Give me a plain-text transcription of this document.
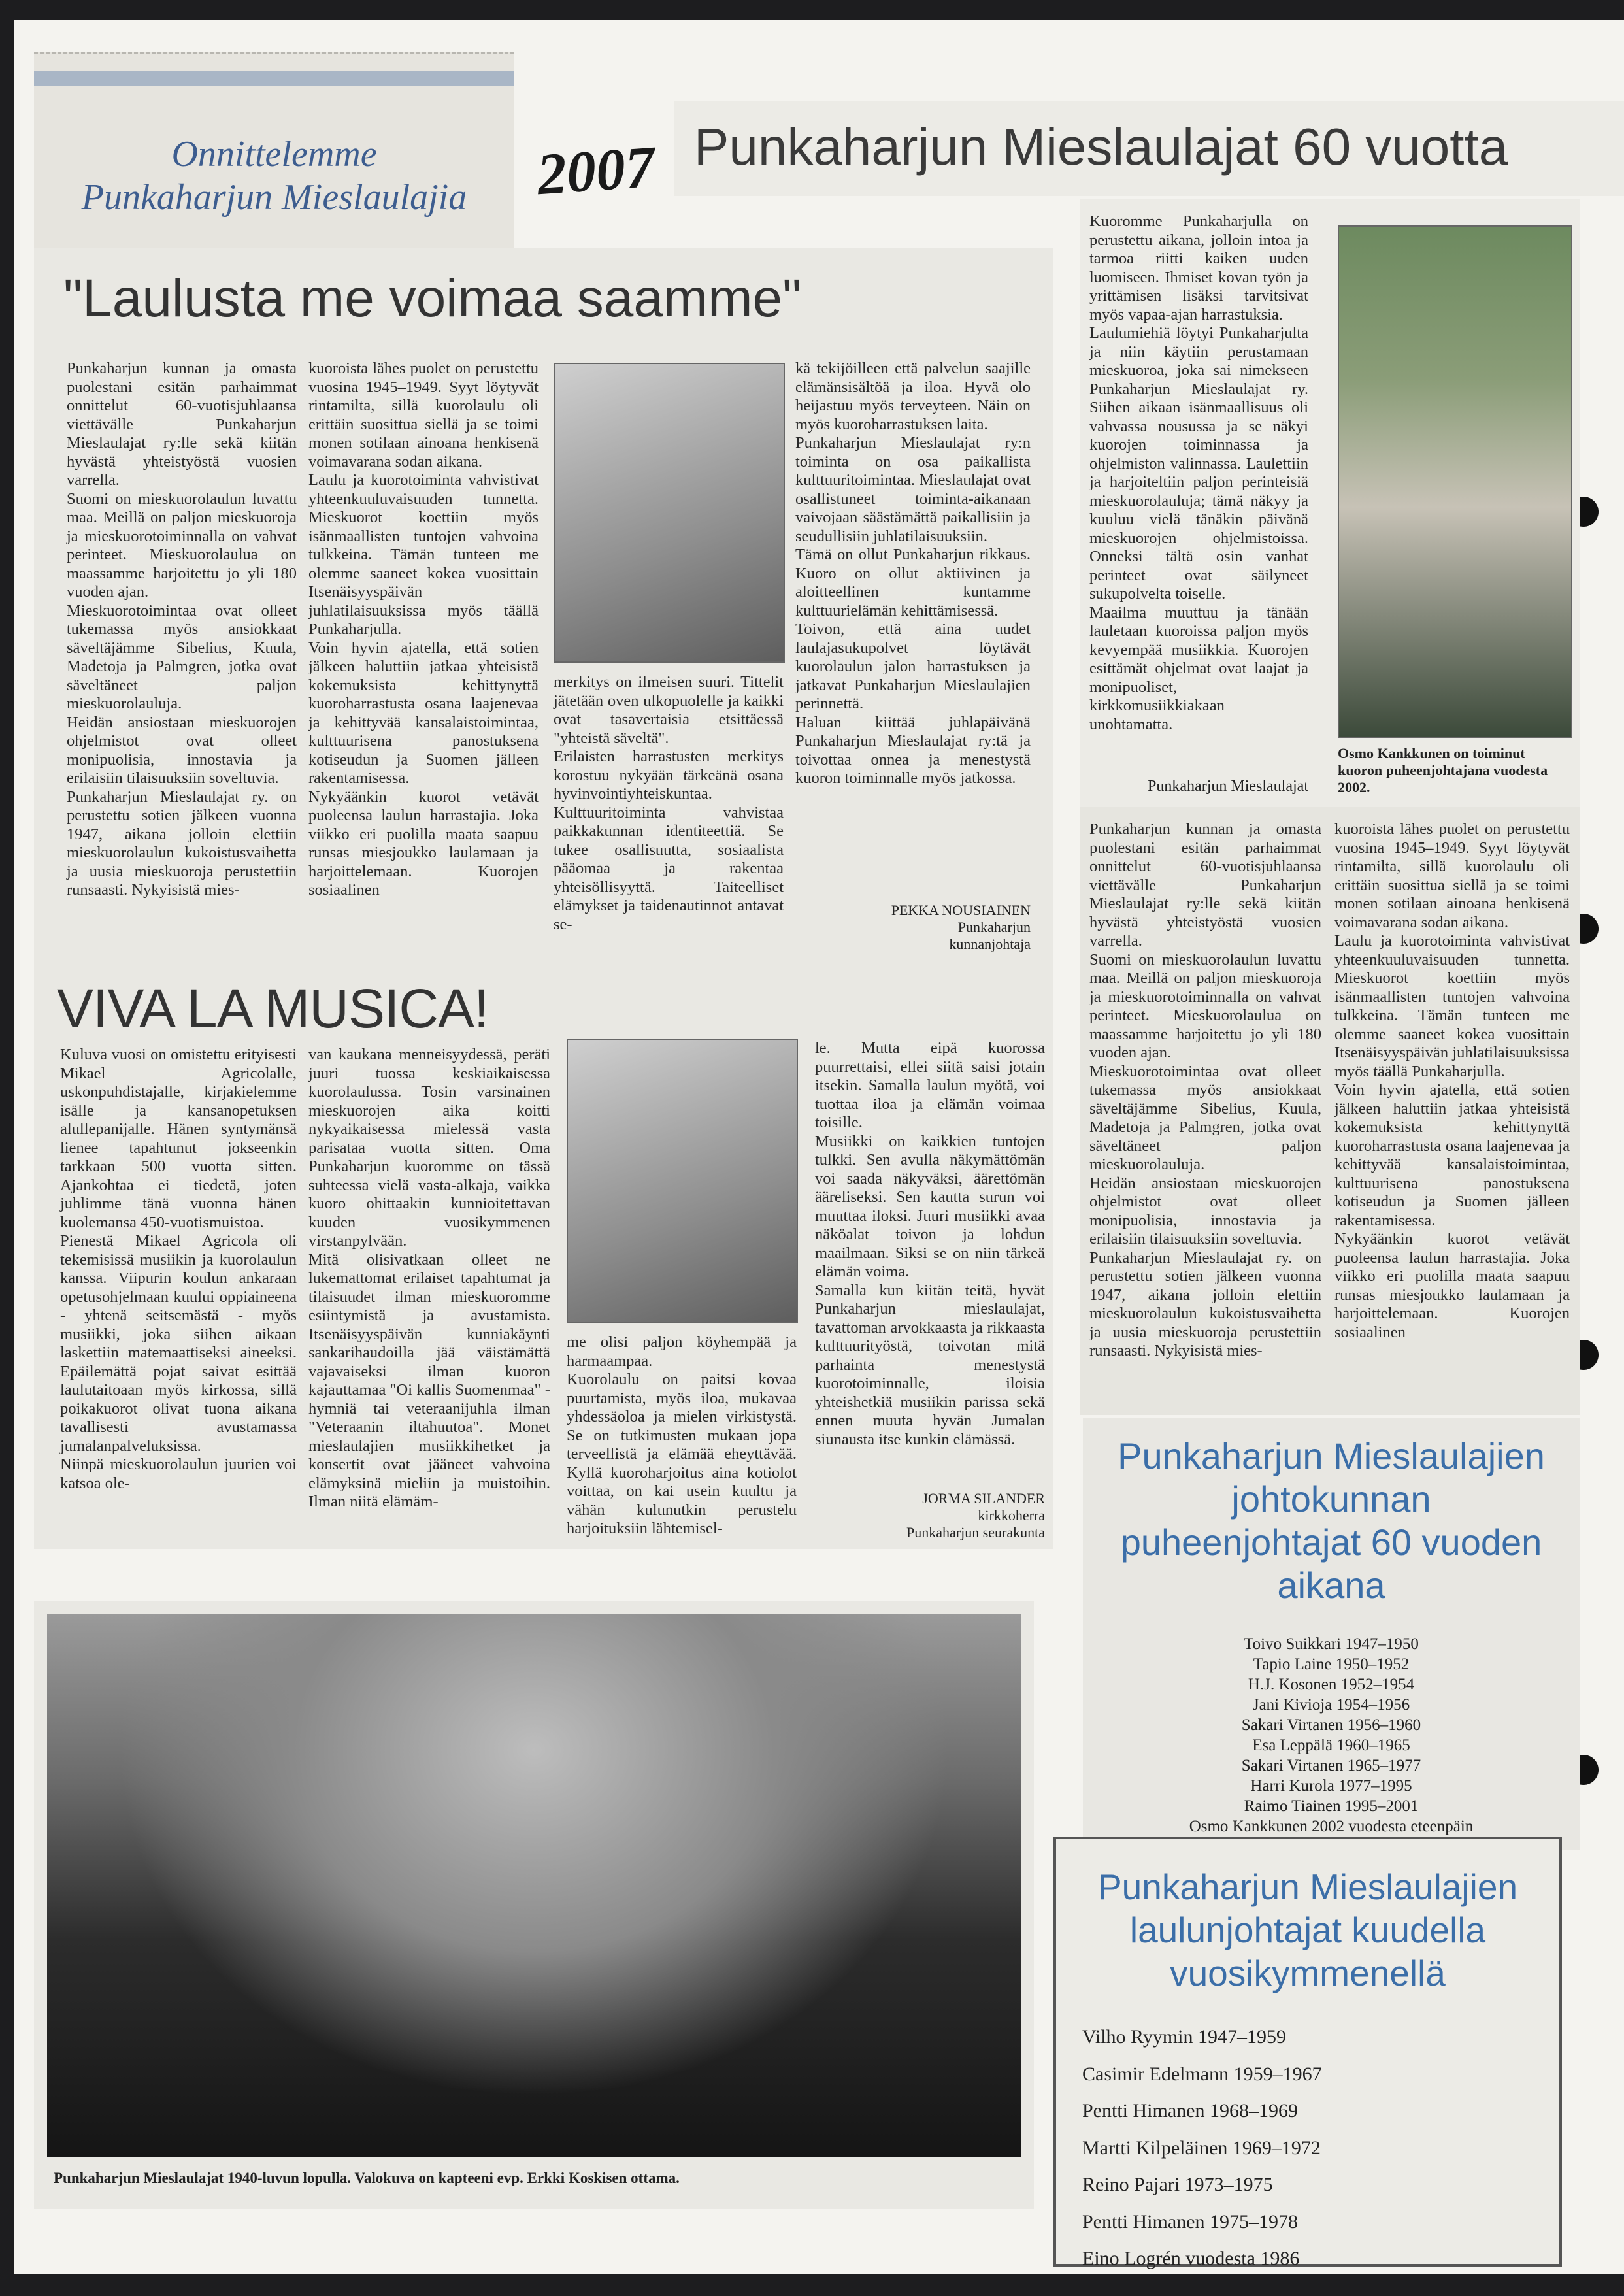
Onnittelemme
Punkaharjun Mieslaulajia	2007 Punkaharjun Mieslaulajat 60 vuotta
"Laulusta me voimaa saamme"
Punkaharjun kunnan ja omasta puolestani esitän parhaimmat onnittelut 60-vuotisjuhlaansa viettävälle Punkaharjun Mieslaulajat ry:lle sekä kiitän hyvästä yhteistyöstä vuosien varrella.
Suomi on mieskuorolaulun luvattu maa. Meillä on paljon mieskuoroja ja mieskuorotoiminnalla on vahvat perinteet. Mieskuorolaulua on maassamme harjoitettu jo yli 180 vuoden ajan.
Mieskuorotoimintaa ovat olleet tukemassa myös ansiokkaat säveltäjämme Sibelius, Kuula, Madetoja ja Palmgren, jotka ovat säveltäneet paljon mieskuorolauluja.
Heidän ansiostaan mieskuorojen ohjelmistot ovat olleet monipuolisia, innostavia ja erilaisiin tilaisuuksiin soveltuvia.
Punkaharjun Mieslaulajat ry. on perustettu sotien jälkeen vuonna 1947, aikana jolloin elettiin mieskuorolaulun kukoistusvaihetta ja uusia mieskuoroja perustettiin runsaasti. Nykyisistä mies-
kuoroista lähes puolet on perustettu vuosina 1945–1949. Syyt löytyvät rintamilta, sillä kuorolaulu oli erittäin suosittua siellä ja se toimi monen sotilaan ainoana henkisenä voimavarana sodan aikana.
Laulu ja kuorotoiminta vahvistivat yhteenkuuluvaisuuden tunnetta. Mieskuorot koettiin myös isänmaallisten tuntojen vahvoina tulkkeina. Tämän tunteen me olemme saaneet kokea vuosittain Itsenäisyyspäivän juhlatilaisuuksissa myös täällä Punkaharjulla.
Voin hyvin ajatella, että sotien jälkeen haluttiin jatkaa yhteisistä kokemuksista kehittynyttä kuoroharrastusta osana laajenevaa ja kehittyvää kansalaistoimintaa, kulttuurisena panostuksena kotiseudun ja Suomen jälleen rakentamisessa.
Nykyäänkin kuorot vetävät puoleensa laulun harrastajia. Joka viikko eri puolilla maata saapuu runsas miesjoukko laulamaan ja harjoittelemaan. Kuorojen sosiaalinen
merkitys on ilmeisen suuri. Tittelit jätetään oven ulkopuolelle ja kaikki ovat tasavertaisia etsittäessä "yhteistä säveltä".
Erilaisten harrastusten merkitys korostuu nykyään tärkeänä osana hyvinvointiyhteiskuntaa. Kulttuuritoiminta vahvistaa paikkakunnan identiteettiä. Se tukee osallisuutta, sosiaalista pääomaa ja rakentaa yhteisöllisyyttä. Taiteelliset elämykset ja taidenautinnot antavat se-
kä tekijöilleen että palvelun saajille elämänsisältöä ja iloa. Hyvä olo heijastuu myös terveyteen. Näin on myös kuoroharrastuksen laita.
Punkaharjun Mieslaulajat ry:n toiminta on osa paikallista kulttuuritoimintaa. Mieslaulajat ovat osallistuneet toiminta-aikanaan vaivojaan säästämättä paikallisiin ja seudullisiin juhlatilaisuuksiin.
Tämä on ollut Punkaharjun rikkaus. Kuoro on ollut aktiivinen ja aloitteellinen kuntamme kulttuurielämän kehittämisessä.
Toivon, että aina uudet laulajasukupolvet löytävät kuorolaulun jalon harrastuksen ja jatkavat Punkaharjun Mieslaulajien perinnettä.
Haluan kiittää juhlapäivänä Punkaharjun Mieslaulajat ry:tä ja toivottaa onnea ja menestystä kuoron toiminnalle myös jatkossa.
PEKKA NOUSIAINEN
Punkaharjun
kunnanjohtaja
VIVA LA MUSICA!
Kuluva vuosi on omistettu erityisesti Mikael Agricolalle, uskonpuhdistajalle, kirjakielemme isälle ja kansanopetuksen alullepanijalle. Hänen syntymänsä lienee tapahtunut jokseenkin tarkkaan 500 vuotta sitten. Ajankohtaa ei tiedetä, joten juhlimme tänä vuonna hänen kuolemansa 450-vuotismuistoa.
Pienestä Mikael Agricola oli tekemisissä musiikin ja kuorolaulun kanssa. Viipurin koulun ankaraan opetusohjelmaan kuului oppiaineena - yhtenä seitsemästä - myös musiikki, joka siihen aikaan laskettiin matemaattiseksi aineeksi. Epäilemättä pojat saivat esittää laulutaitoaan myös kirkossa, sillä poikakuorot olivat tuona aikana tavallisesti avustamassa jumalanpalveluksissa.
Niinpä mieskuorolaulun juurien voi katsoa ole-
van kaukana menneisyydessä, peräti juuri tuossa keskiaikaisessa kuorolaulussa. Tosin varsinainen mieskuorojen aika koitti nykyaikaisessa mielessä vasta parisataa vuotta sitten. Oma Punkaharjun kuoromme on tässä suhteessa vielä vasta-alkaja, vaikka kuoro ohittaakin kunnioitettavan kuuden vuosikymmenen virstanpylvään.
Mitä olisivatkaan olleet ne lukemattomat erilaiset tapahtumat ja tilaisuudet ilman mieskuoromme esiintymistä ja avustamista. Itsenäisyyspäivän kunniakäynti sankarihaudoilla jää väistämättä vajavaiseksi ilman kuoron kajauttamaa "Oi kallis Suomenmaa" -hymniä tai veteraanijuhla ilman "Veteraanin iltahuutoa". Monet mieslaulajien musiikkihetket ja konsertit ovat jääneet vahvoina elämyksinä mieliin ja muistoihin. Ilman niitä elämäm-
me olisi paljon köyhempää ja harmaampaa.
Kuorolaulu on paitsi kovaa puurtamista, myös iloa, mukavaa yhdessäoloa ja mielen virkistystä. Se on tutkimusten mukaan jopa terveellistä ja elämää eheyttävää. Kyllä kuoroharjoitus aina kotiolot voittaa, on kai usein kuultu ja vähän kulunutkin perustelu harjoituksiin lähtemisel-
le. Mutta eipä kuorossa puurrettaisi, ellei siitä saisi jotain itsekin. Samalla laulun myötä, voi tuottaa iloa ja elämän voimaa toisille.
Musiikki on kaikkien tuntojen tulkki. Sen avulla näkymättömän voi saada näkyväksi, äärettömän ääreliseksi. Sen kautta surun voi muuttaa iloksi. Juuri musiikki avaa näköalat toivon ja lohdun maailmaan. Siksi se on niin tärkeä elämän voima.
Samalla kun kiitän teitä, hyvät Punkaharjun mieslaulajat, tavattoman arvokkaasta ja rikkaasta kulttuurityöstä, toivotan mitä parhainta menestystä kuorotoiminnalle, iloisia yhteishetkiä musiikin parissa sekä ennen muuta hyvän Jumalan siunausta itse kunkin elämässä.
JORMA SILANDER
kirkkoherra
Punkaharjun seurakunta
Kuoromme Punkaharjulla on perustettu aikana, jolloin intoa ja tarmoa riitti kaiken uuden luomiseen. Ihmiset kovan työn ja yrittämisen lisäksi tarvitsivat myös vapaa-ajan harrastuksia.
Laulumiehiä löytyi Punkaharjulta ja niin käytiin perustamaan mieskuoroa, joka sai nimekseen Punkaharjun Mieslaulajat ry. Siihen aikaan isänmaallisuus oli vahvassa nousussa ja se näkyi kuorojen toiminnassa ja ohjelmiston valinnassa. Laulettiin ja harjoiteltiin paljon perinteisiä mieskuorolauluja; tämä näkyy ja kuuluu vielä tänäkin päivänä mieskuorojen ohjelmistoissa. Onneksi tältä osin vanhat perinteet ovat säilyneet sukupolvelta toiselle.
Maailma muuttuu ja tänään lauletaan kuoroissa paljon myös kevyempää musiikkia. Kuorojen esittämät ohjelmat ovat laajat ja monipuoliset, kirkkomusiikkiakaan unohtamatta.
Punkaharjun Mieslaulajat
Osmo Kankkunen on toiminut kuoron puheenjohtajana vuodesta 2002.
Punkaharjun kunnan ja omasta puolestani esitän parhaimmat onnittelut 60-vuotisjuhlaansa viettävälle Punkaharjun Mieslaulajat ry:lle sekä kiitän hyvästä yhteistyöstä vuosien varrella.
Suomi on mieskuorolaulun luvattu maa. Meillä on paljon mieskuoroja ja mieskuorotoiminnalla on vahvat perinteet. Mieskuorolaulua on maassamme harjoitettu jo yli 180 vuoden ajan.
Mieskuorotoimintaa ovat olleet tukemassa myös ansiokkaat säveltäjämme Sibelius, Kuula, Madetoja ja Palmgren, jotka ovat säveltäneet paljon mieskuorolauluja.
Heidän ansiostaan mieskuorojen ohjelmistot ovat olleet monipuolisia, innostavia ja erilaisiin tilaisuuksiin soveltuvia.
Punkaharjun Mieslaulajat ry. on perustettu sotien jälkeen vuonna 1947, aikana jolloin elettiin mieskuorolaulun kukoistusvaihetta ja uusia mieskuoroja perustettiin runsaasti. Nykyisistä mies-
kuoroista lähes puolet on perustettu vuosina 1945–1949. Syyt löytyvät rintamilta, sillä kuorolaulu oli erittäin suosittua siellä ja se toimi monen sotilaan ainoana henkisenä voimavarana sodan aikana.
Laulu ja kuorotoiminta vahvistivat yhteenkuuluvaisuuden tunnetta. Mieskuorot koettiin myös isänmaallisten tuntojen vahvoina tulkkeina. Tämän tunteen me olemme saaneet kokea vuosittain Itsenäisyyspäivän juhlatilaisuuksissa myös täällä Punkaharjulla.
Voin hyvin ajatella, että sotien jälkeen haluttiin jatkaa yhteisistä kokemuksista kehittynyttä kuoroharrastusta osana laajenevaa ja kehittyvää kansalaistoimintaa, kulttuurisena panostuksena kotiseudun ja Suomen jälleen rakentamisessa.
Nykyäänkin kuorot vetävät puoleensa laulun harrastajia. Joka viikko eri puolilla maata saapuu runsas miesjoukko laulamaan ja harjoittelemaan. Kuorojen sosiaalinen
Punkaharjun Mieslaulajien johtokunnan puheenjohtajat 60 vuoden aikana
Toivo Suikkari 1947–1950
Tapio Laine 1950–1952
H.J. Kosonen 1952–1954
Jani Kivioja 1954–1956
Sakari Virtanen 1956–1960
Esa Leppälä 1960–1965
Sakari Virtanen 1965–1977
Harri Kurola 1977–1995
Raimo Tiainen 1995–2001
Osmo Kankkunen 2002 vuodesta eteenpäin
Punkaharjun Mieslaulajien laulunjohtajat kuudella vuosikymmenellä
Vilho Ryymin 1947–1959
Casimir Edelmann 1959–1967
Pentti Himanen 1968–1969
Martti Kilpeläinen 1969–1972
Reino Pajari 1973–1975
Pentti Himanen 1975–1978
Eino Logrén vuodesta 1986
Punkaharjun Mieslaulajat 1940-luvun lopulla. Valokuva on kapteeni evp. Erkki Koskisen ottama.
